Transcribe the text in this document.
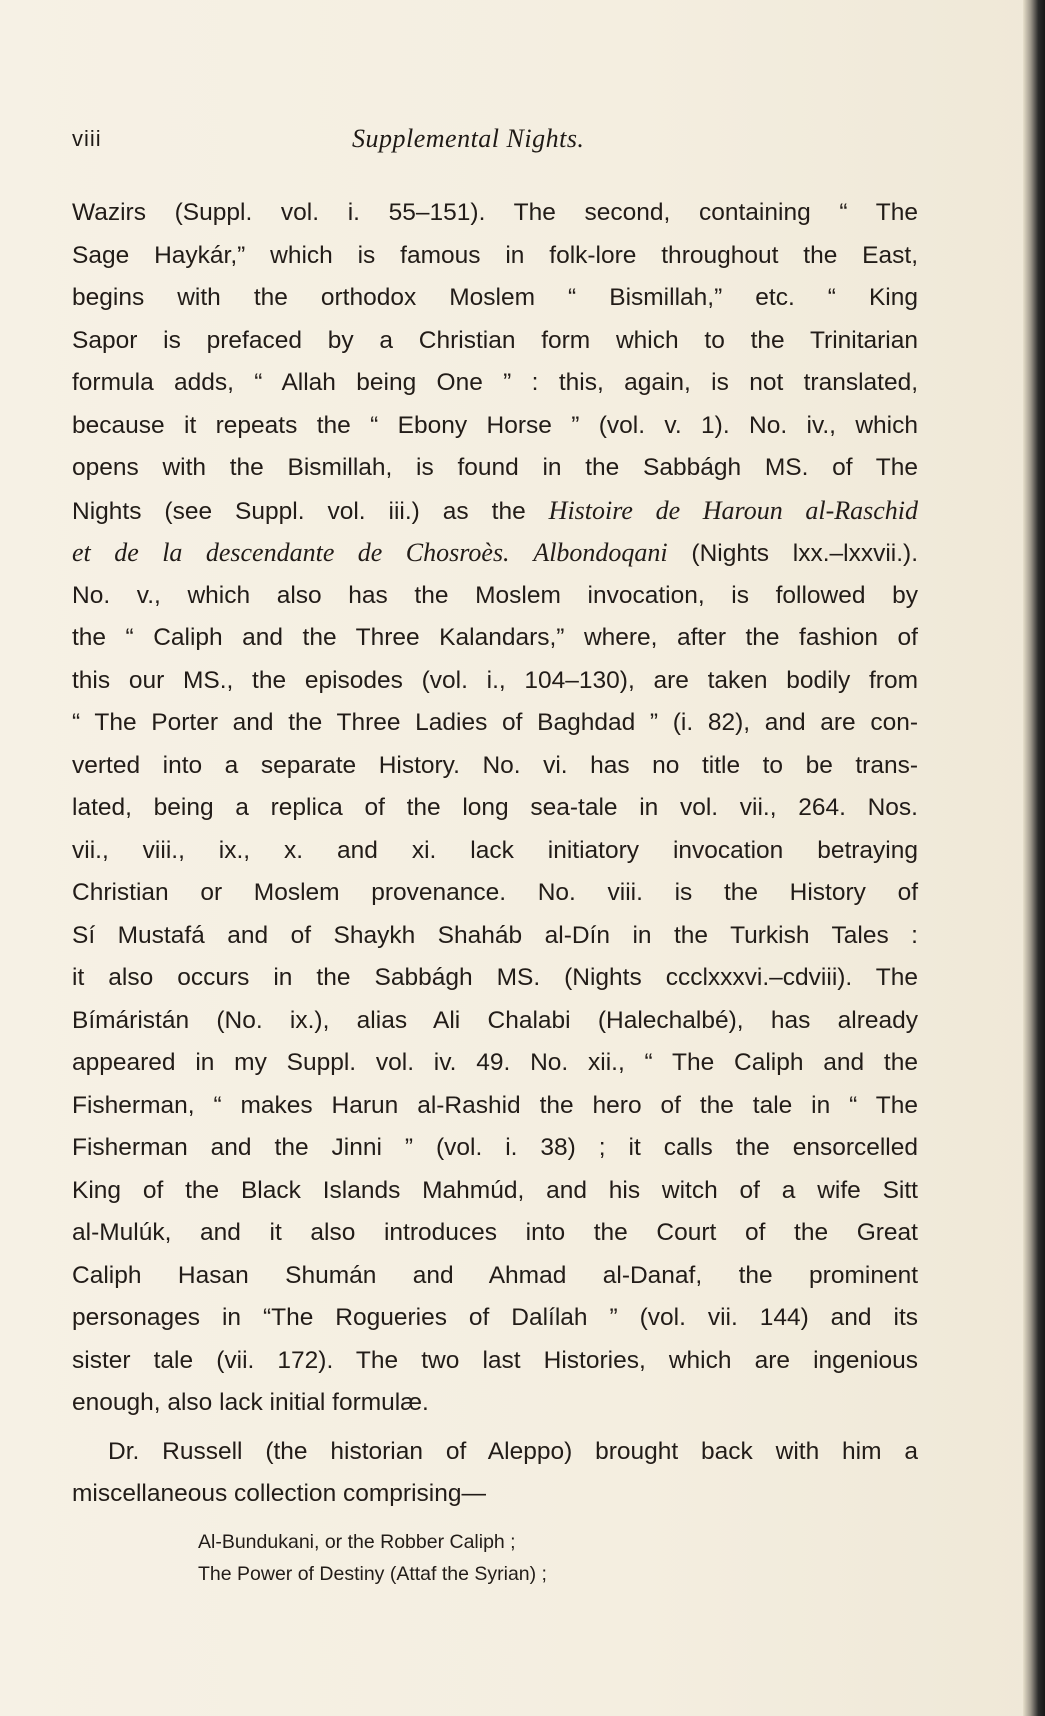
viii	Supplemental Nights.
Wazirs (Suppl. vol. i. 55–151). The second, containing “ The
Sage Haykár,” which is famous in folk-lore throughout the East,
begins with the orthodox Moslem “ Bismillah,” etc. “ King
Sapor is prefaced by a Christian form which to the Trinitarian
formula adds, “ Allah being One ” : this, again, is not translated,
because it repeats the “ Ebony Horse ” (vol. v. 1). No. iv., which
opens with the Bismillah, is found in the Sabbágh MS. of The
Nights (see Suppl. vol. iii.) as the Histoire de Haroun al-Raschid
et de la descendante de Chosroès. Albondoqani (Nights lxx.–lxxvii.).
No. v., which also has the Moslem invocation, is followed by
the “ Caliph and the Three Kalandars,” where, after the fashion of
this our MS., the episodes (vol. i., 104–130), are taken bodily from
“ The Porter and the Three Ladies of Baghdad ” (i. 82), and are con-
verted into a separate History. No. vi. has no title to be trans-
lated, being a replica of the long sea-tale in vol. vii., 264. Nos.
vii., viii., ix., x. and xi. lack initiatory invocation betraying
Christian or Moslem provenance. No. viii. is the History of
Sí Mustafá and of Shaykh Shaháb al-Dín in the Turkish Tales :
it also occurs in the Sabbágh MS. (Nights ccclxxxvi.–cdviii). The
Bímáristán (No. ix.), alias Ali Chalabi (Halechalbé), has already
appeared in my Suppl. vol. iv. 49. No. xii., “ The Caliph and the
Fisherman, “ makes Harun al-Rashid the hero of the tale in “ The
Fisherman and the Jinni ” (vol. i. 38) ; it calls the ensorcelled
King of the Black Islands Mahmúd, and his witch of a wife Sitt
al-Mulúk, and it also introduces into the Court of the Great
Caliph Hasan Shumán and Ahmad al-Danaf, the prominent
personages in “The Rogueries of Dalílah ” (vol. vii. 144) and its
sister tale (vii. 172). The two last Histories, which are ingenious
enough, also lack initial formulæ.
Dr. Russell (the historian of Aleppo) brought back with him a
miscellaneous collection comprising—
Al-Bundukani, or the Robber Caliph ;
The Power of Destiny (Attaf the Syrian) ;
